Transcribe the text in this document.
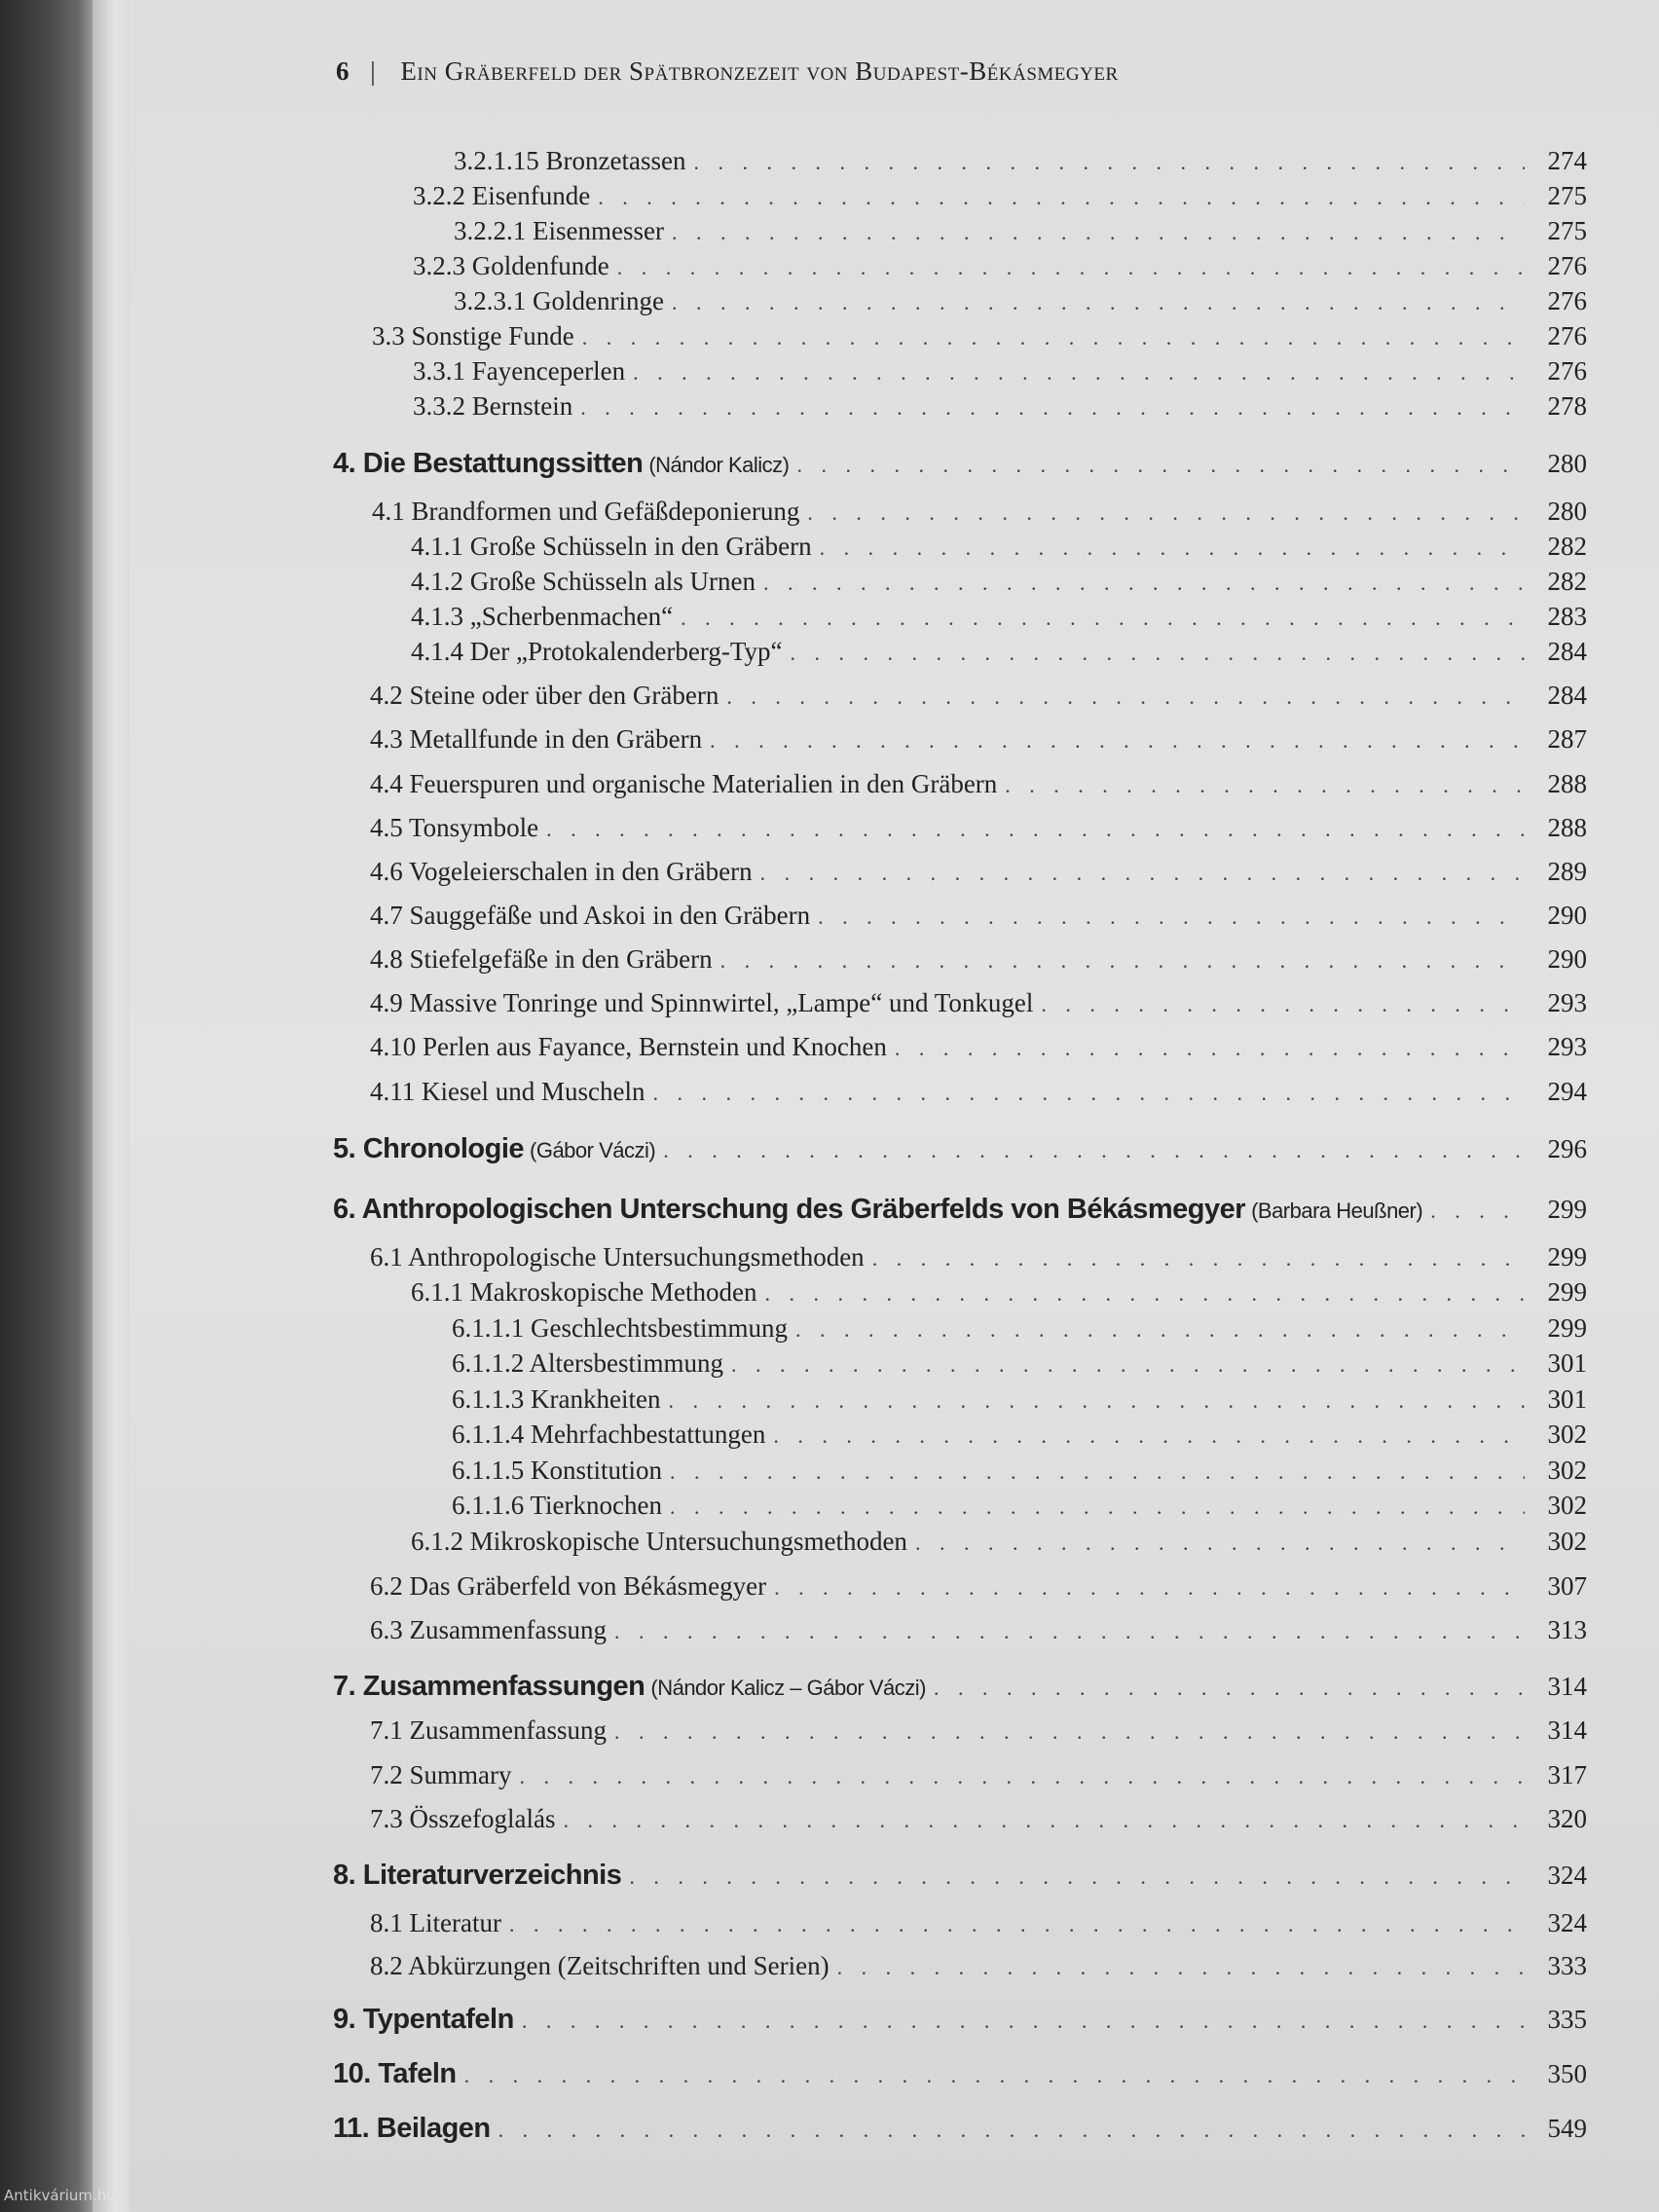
6 | Ein Gräberfeld der Spätbronzezeit von Budapest-Békásmegyer
3.2.1.15 Bronzetassen . . .	274
3.2.2 Eisenfunde . . .	275
3.2.2.1 Eisenmesser . . .	275
3.2.3 Goldenfunde . . .	276
3.2.3.1 Goldenringe . . .	276
3.3 Sonstige Funde . . .	276
3.3.1 Fayenceperlen . . .	276
3.3.2 Bernstein . . .	278
4. Die Bestattungssitten (Nándor Kalicz) . . .	280
4.1 Brandformen und Gefäßdeponierung . . .	280
4.1.1 Große Schüsseln in den Gräbern . . .	282
4.1.2 Große Schüsseln als Urnen . . .	282
4.1.3 „Scherbenmachen“ . . .	283
4.1.4 Der „Protokalenderberg-Typ“ . . .	284
4.2 Steine oder über den Gräbern . . .	284
4.3 Metallfunde in den Gräbern . . .	287
4.4 Feuerspuren und organische Materialien in den Gräbern . . .	288
4.5 Tonsymbole . . .	288
4.6 Vogeleierschalen in den Gräbern . . .	289
4.7 Sauggefäße und Askoi in den Gräbern . . .	290
4.8 Stiefelgefäße in den Gräbern . . .	290
4.9 Massive Tonringe und Spinnwirtel, „Lampe“ und Tonkugel . . .	293
4.10 Perlen aus Fayance, Bernstein und Knochen . . .	293
4.11 Kiesel und Muscheln . . .	294
5. Chronologie (Gábor Váczi) . . .	296
6. Anthropologischen Unterschung des Gräberfelds von Békásmegyer (Barbara Heußner) . . .	299
6.1 Anthropologische Untersuchungsmethoden . . .	299
6.1.1 Makroskopische Methoden . . .	299
6.1.1.1 Geschlechtsbestimmung . . .	299
6.1.1.2 Altersbestimmung . . .	301
6.1.1.3 Krankheiten . . .	301
6.1.1.4 Mehrfachbestattungen . . .	302
6.1.1.5 Konstitution . . .	302
6.1.1.6 Tierknochen . . .	302
6.1.2 Mikroskopische Untersuchungsmethoden . . .	302
6.2 Das Gräberfeld von Békásmegyer . . .	307
6.3 Zusammenfassung . . .	313
7. Zusammenfassungen (Nándor Kalicz – Gábor Váczi) . . .	314
7.1 Zusammenfassung . . .	314
7.2 Summary . . .	317
7.3 Összefoglalás . . .	320
8. Literaturverzeichnis . . .	324
8.1 Literatur . . .	324
8.2 Abkürzungen (Zeitschriften und Serien) . . .	333
9. Typentafeln . . .	335
10. Tafeln . . .	350
11. Beilagen . . .	549
Antikvárium.hu
